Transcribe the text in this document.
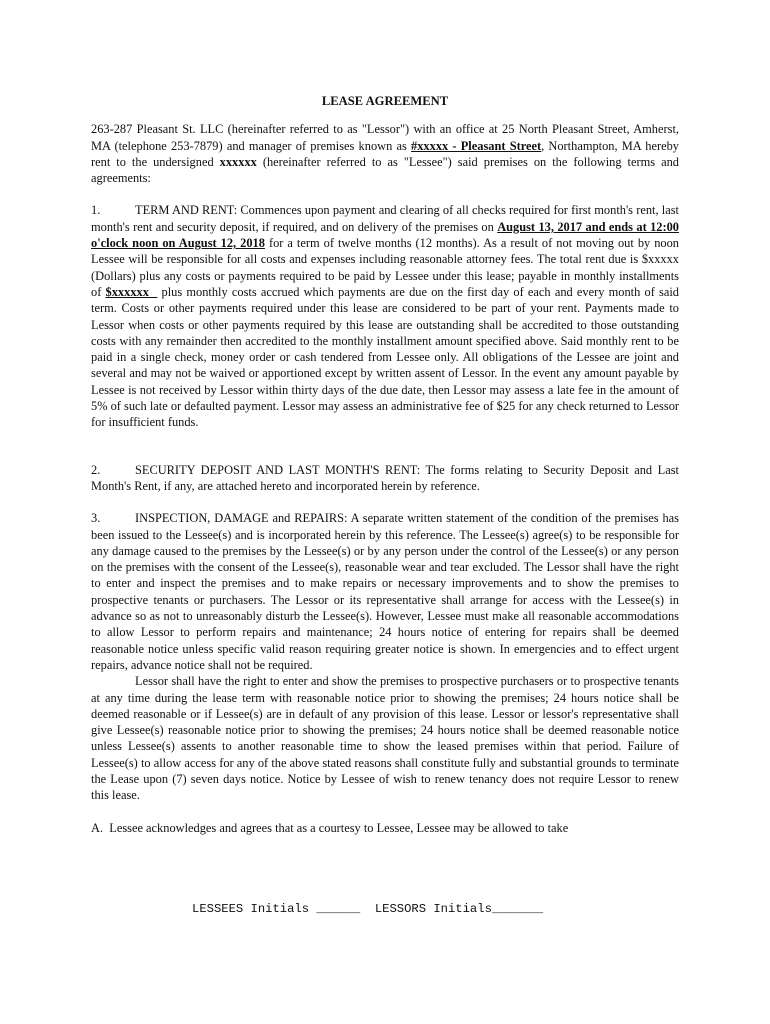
LEASE AGREEMENT

263-287 Pleasant St. LLC (hereinafter referred to as "Lessor") with an office at 25 North Pleasant Street, Amherst, MA (telephone 253-7879) and manager of premises known as #xxxxx - Pleasant Street, Northampton, MA hereby rent to the undersigned xxxxxx (hereinafter referred to as "Lessee") said premises on the following terms and agreements:

1.	TERM AND RENT: Commences upon payment and clearing of all checks required for first month's rent, last month's rent and security deposit, if required, and on delivery of the premises on August 13, 2017 and ends at 12:00 o'clock noon on August 12, 2018 for a term of twelve months (12 months). As a result of not moving out by noon Lessee will be responsible for all costs and expenses including reasonable attorney fees. The total rent due is $xxxxx (Dollars) plus any costs or payments required to be paid by Lessee under this lease; payable in monthly installments of $xxxxxx   plus monthly costs accrued which payments are due on the first day of each and every month of said term. Costs or other payments required under this lease are considered to be part of your rent. Payments made to Lessor when costs or other payments required by this lease are outstanding shall be accredited to those outstanding costs with any remainder then accredited to the monthly installment amount specified above. Said monthly rent to be paid in a single check, money order or cash tendered from Lessee only. All obligations of the Lessee are joint and several and may not be waived or apportioned except by written assent of Lessor. In the event any amount payable by Lessee is not received by Lessor within thirty days of the due date, then Lessor may assess a late fee in the amount of 5% of such late or defaulted payment. Lessor may assess an administrative fee of $25 for any check returned to Lessor for insufficient funds.

2.	SECURITY DEPOSIT AND LAST MONTH'S RENT: The forms relating to Security Deposit and Last Month's Rent, if any, are attached hereto and incorporated herein by reference.

3.	INSPECTION, DAMAGE and REPAIRS: A separate written statement of the condition of the premises has been issued to the Lessee(s) and is incorporated herein by this reference. The Lessee(s) agree(s) to be responsible for any damage caused to the premises by the Lessee(s) or by any person under the control of the Lessee(s) or any person on the premises with the consent of the Lessee(s), reasonable wear and tear excluded. The Lessor shall have the right to enter and inspect the premises and to make repairs or necessary improvements and to show the premises to prospective tenants or purchasers. The Lessor or its representative shall arrange for access with the Lessee(s) in advance so as not to unreasonably disturb the Lessee(s). However, Lessee must make all reasonable accommodations to allow Lessor to perform repairs and maintenance; 24 hours notice of entering for repairs shall be deemed reasonable notice unless specific valid reason requiring greater notice is shown. In emergencies and to effect urgent repairs, advance notice shall not be required.

Lessor shall have the right to enter and show the premises to prospective purchasers or to prospective tenants at any time during the lease term with reasonable notice prior to showing the premises; 24 hours notice shall be deemed reasonable or if Lessee(s) are in default of any provision of this lease. Lessor or lessor's representative shall give Lessee(s) reasonable notice prior to showing the premises; 24 hours notice shall be deemed reasonable notice unless Lessee(s) assents to another reasonable time to show the leased premises within that period. Failure of Lessee(s) to allow access for any of the above stated reasons shall constitute fully and substantial grounds to terminate the Lease upon (7) seven days notice. Notice by Lessee of wish to renew tenancy does not require Lessor to renew this lease.

A. Lessee acknowledges and agrees that as a courtesy to Lessee, Lessee may be allowed to take

LESSEES Initials ______ LESSORS Initials_______
